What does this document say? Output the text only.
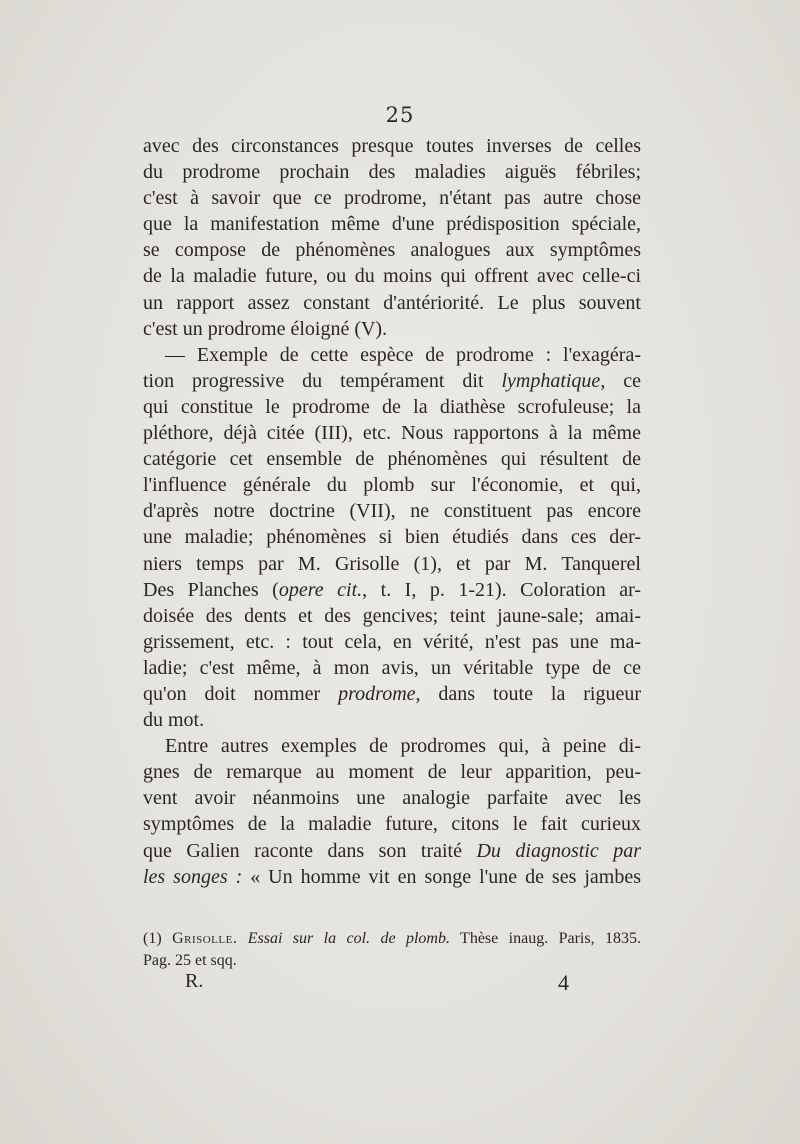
25
avec des circonstances presque toutes inverses de celles
du prodrome prochain des maladies aiguës fébriles;
c'est à savoir que ce prodrome, n'étant pas autre chose
que la manifestation même d'une prédisposition spéciale,
se compose de phénomènes analogues aux symptômes
de la maladie future, ou du moins qui offrent avec celle-ci
un rapport assez constant d'antériorité. Le plus souvent
c'est un prodrome éloigné (V).
— Exemple de cette espèce de prodrome : l'exagéra-
tion progressive du tempérament dit lymphatique, ce
qui constitue le prodrome de la diathèse scrofuleuse; la
pléthore, déjà citée (III), etc. Nous rapportons à la même
catégorie cet ensemble de phénomènes qui résultent de
l'influence générale du plomb sur l'économie, et qui,
d'après notre doctrine (VII), ne constituent pas encore
une maladie; phénomènes si bien étudiés dans ces der-
niers temps par M. Grisolle (1), et par M. Tanquerel
Des Planches (opere cit., t. I, p. 1-21). Coloration ar-
doisée des dents et des gencives; teint jaune-sale; amai-
grissement, etc. : tout cela, en vérité, n'est pas une ma-
ladie; c'est même, à mon avis, un véritable type de ce
qu'on doit nommer prodrome, dans toute la rigueur
du mot.
Entre autres exemples de prodromes qui, à peine di-
gnes de remarque au moment de leur apparition, peu-
vent avoir néanmoins une analogie parfaite avec les
symptômes de la maladie future, citons le fait curieux
que Galien raconte dans son traité Du diagnostic par
les songes : « Un homme vit en songe l'une de ses jambes
(1) Grisolle. Essai sur la col. de plomb. Thèse inaug. Paris, 1835.
Pag. 25 et sqq.
R.	4
